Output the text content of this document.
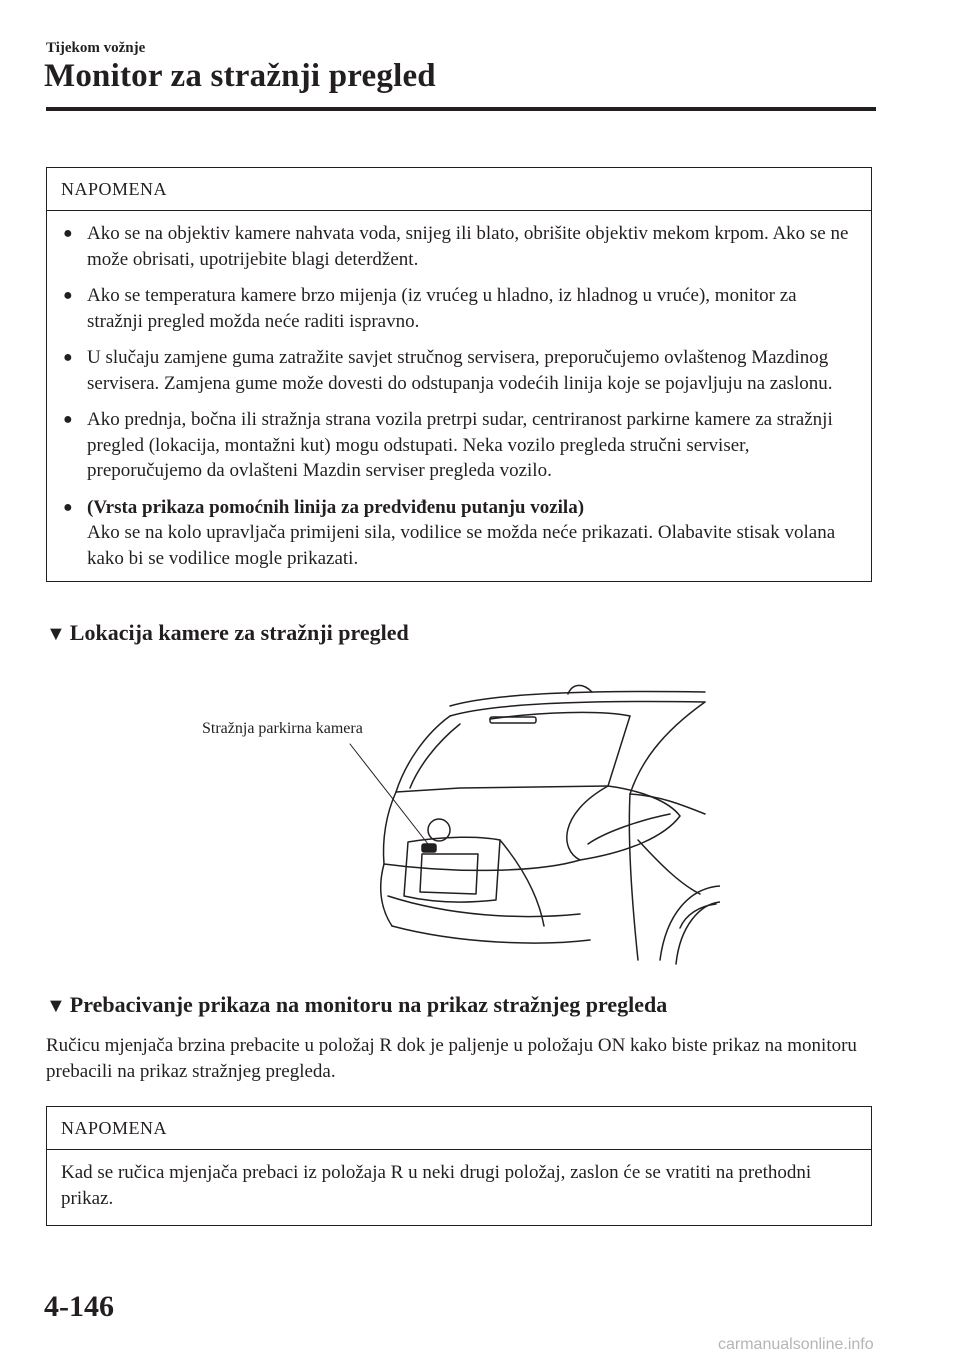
Tijekom vožnje
Monitor za stražnji pregled
NAPOMENA

● Ako se na objektiv kamere nahvata voda, snijeg ili blato, obrišite objektiv mekom krpom. Ako se ne može obrisati, upotrijebite blagi deterdžent.

● Ako se temperatura kamere brzo mijenja (iz vrućeg u hladno, iz hladnog u vruće), monitor za stražnji pregled možda neće raditi ispravno.

● U slučaju zamjene guma zatražite savjet stručnog servisera, preporučujemo ovlaštenog Mazdinog servisera. Zamjena gume može dovesti do odstupanja vodećih linija koje se pojavljuju na zaslonu.

● Ako prednja, bočna ili stražnja strana vozila pretrpi sudar, centriranost parkirne kamere za stražnji pregled (lokacija, montažni kut) mogu odstupati. Neka vozilo pregleda stručni serviser, preporučujemo da ovlašteni Mazdin serviser pregleda vozilo.

● (Vrsta prikaza pomoćnih linija za predviđenu putanju vozila)
Ako se na kolo upravljača primijeni sila, vodilice se možda neće prikazati. Olabavite stisak volana kako bi se vodilice mogle prikazati.

▼ Lokacija kamere za stražnji pregled
Stražnja parkirna kamera
▼ Prebacivanje prikaza na monitoru na prikaz stražnjeg pregleda

Ručicu mjenjača brzina prebacite u položaj R dok je paljenje u položaju ON kako biste prikaz na monitoru prebacili na prikaz stražnjeg pregleda.

NAPOMENA
Kad se ručica mjenjača prebaci iz položaja R u neki drugi položaj, zaslon će se vratiti na prethodni prikaz.
4-146
carmanualsonline.info
